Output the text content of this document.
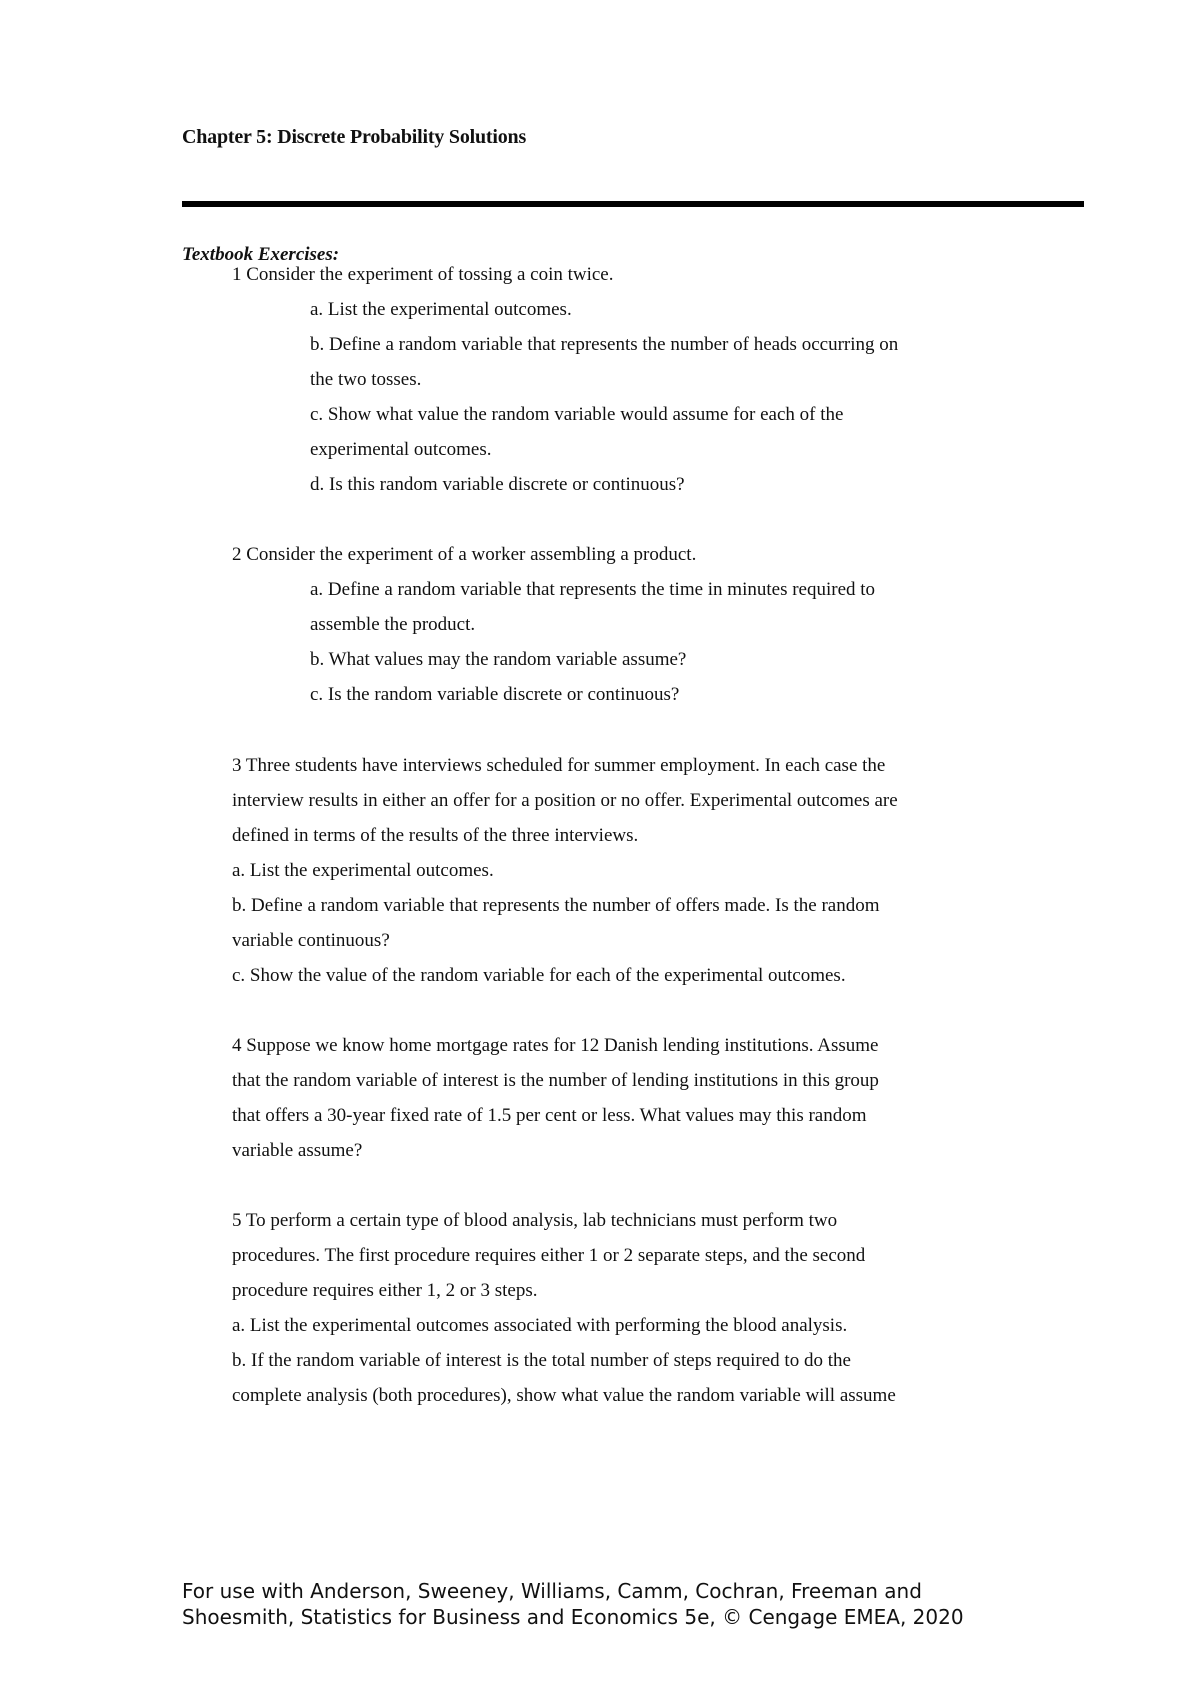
Chapter 5: Discrete Probability Solutions
Textbook Exercises:
1 Consider the experiment of tossing a coin twice.
a. List the experimental outcomes.
b. Define a random variable that represents the number of heads occurring on
the two tosses.
c. Show what value the random variable would assume for each of the
experimental outcomes.
d. Is this random variable discrete or continuous?
2 Consider the experiment of a worker assembling a product.
a. Define a random variable that represents the time in minutes required to
assemble the product.
b. What values may the random variable assume?
c. Is the random variable discrete or continuous?
3 Three students have interviews scheduled for summer employment. In each case the
interview results in either an offer for a position or no offer. Experimental outcomes are
defined in terms of the results of the three interviews.
a. List the experimental outcomes.
b. Define a random variable that represents the number of offers made. Is the random
variable continuous?
c. Show the value of the random variable for each of the experimental outcomes.
4 Suppose we know home mortgage rates for 12 Danish lending institutions. Assume
that the random variable of interest is the number of lending institutions in this group
that offers a 30-year fixed rate of 1.5 per cent or less. What values may this random
variable assume?
5 To perform a certain type of blood analysis, lab technicians must perform two
procedures. The first procedure requires either 1 or 2 separate steps, and the second
procedure requires either 1, 2 or 3 steps.
a. List the experimental outcomes associated with performing the blood analysis.
b. If the random variable of interest is the total number of steps required to do the
complete analysis (both procedures), show what value the random variable will assume
For use with Anderson, Sweeney, Williams, Camm, Cochran, Freeman and
Shoesmith, Statistics for Business and Economics 5e, © Cengage EMEA, 2020
